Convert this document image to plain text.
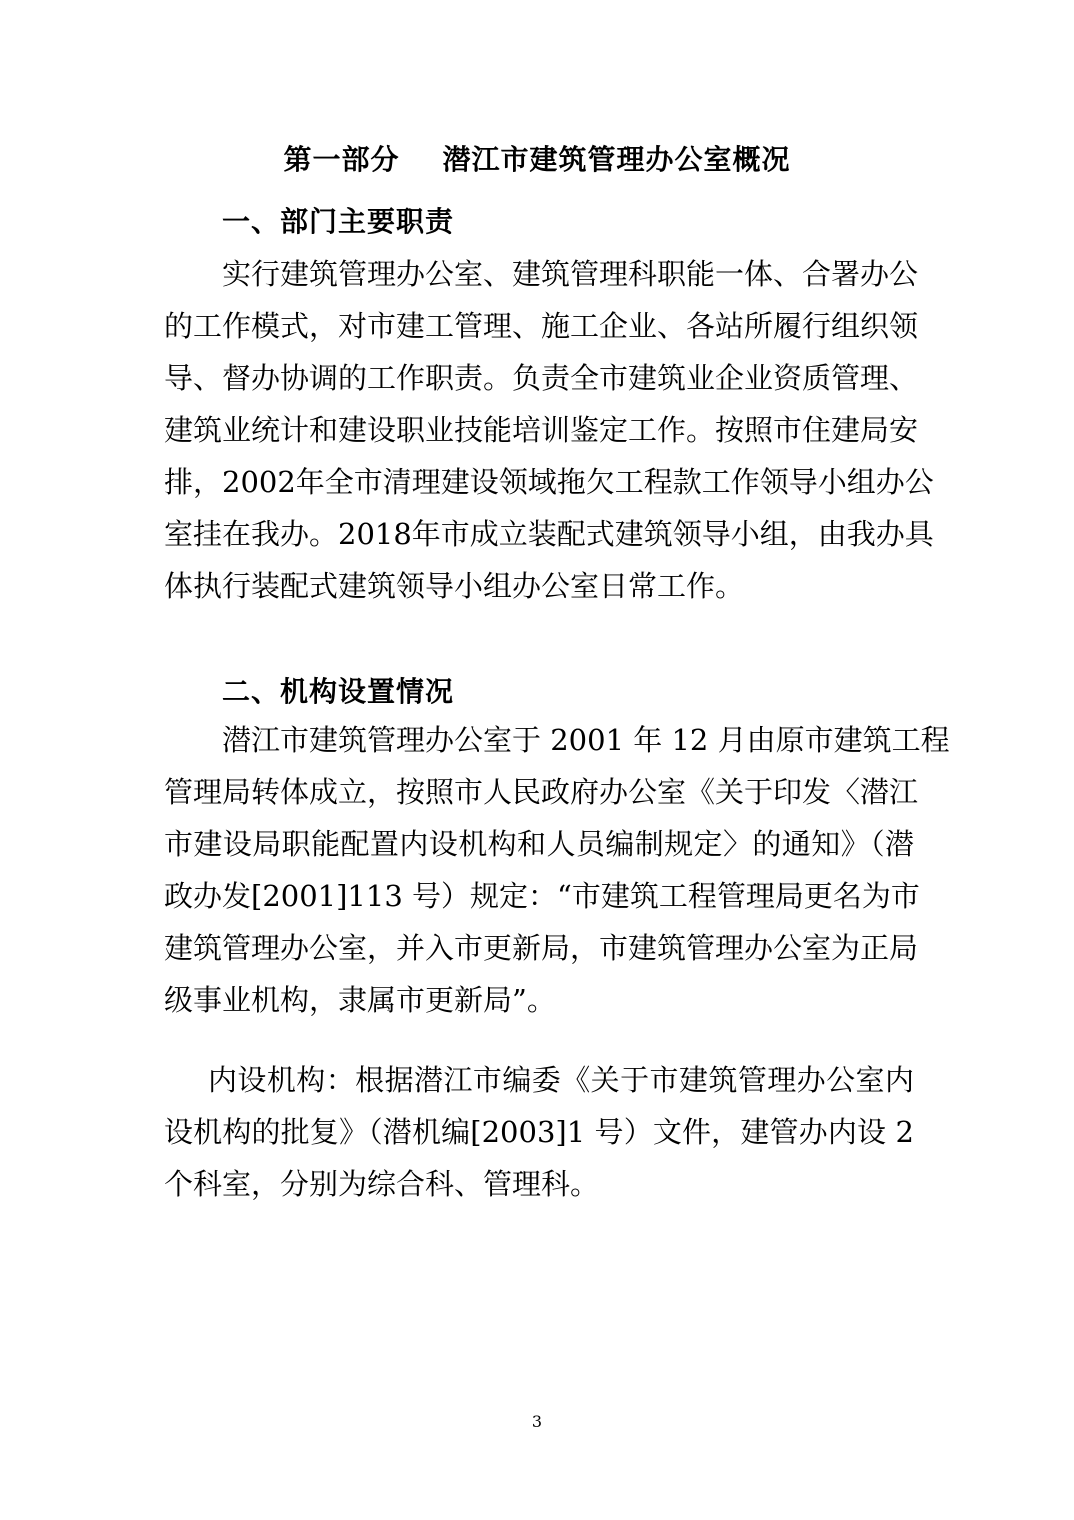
第一部分    潜江市建筑管理办公室概况
一、部门主要职责
实行建筑管理办公室、建筑管理科职能一体、合署办公
的工作模式，对市建工管理、施工企业、各站所履行组织领
导、督办协调的工作职责。负责全市建筑业企业资质管理、
建筑业统计和建设职业技能培训鉴定工作。按照市住建局安
排，2002年全市清理建设领域拖欠工程款工作领导小组办公
室挂在我办。2018年市成立装配式建筑领导小组，由我办具
体执行装配式建筑领导小组办公室日常工作。
二、机构设置情况
潜江市建筑管理办公室于 2001 年 12 月由原市建筑工程
管理局转体成立，按照市人民政府办公室《关于印发〈潜江
市建设局职能配置内设机构和人员编制规定〉的通知》（潜
政办发[2001]113 号）规定：“市建筑工程管理局更名为市
建筑管理办公室，并入市更新局，市建筑管理办公室为正局
级事业机构，隶属市更新局”。
内设机构：根据潜江市编委《关于市建筑管理办公室内
设机构的批复》（潜机编[2003]1 号）文件，建管办内设 2
个科室，分别为综合科、管理科。
3
